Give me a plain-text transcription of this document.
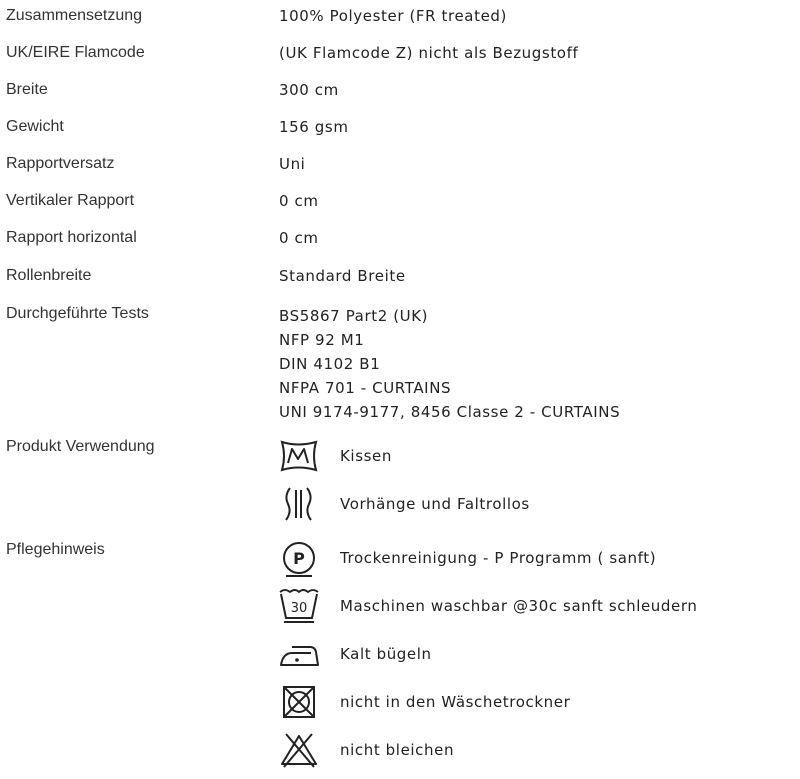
Zusammensetzung	100% Polyester (FR treated)
UK/EIRE Flamcode	(UK Flamcode Z) nicht als Bezugstoff
Breite	300 cm
Gewicht	156 gsm
Rapportversatz	Uni
Vertikaler Rapport	0 cm
Rapport horizontal	0 cm
Rollenbreite	Standard Breite
Durchgeführte Tests	BS5867 Part2 (UK)
NFP 92 M1
DIN 4102 B1
NFPA 701 - CURTAINS
UNI 9174-9177, 8456 Classe 2 - CURTAINS
Produkt Verwendung
Kissen
Vorhänge und Faltrollos
Pflegehinweis	P Trockenreinigung - P Programm ( sanft)
30 Maschinen waschbar @30c sanft schleudern
Kalt bügeln
nicht in den Wäschetrockner
nicht bleichen
